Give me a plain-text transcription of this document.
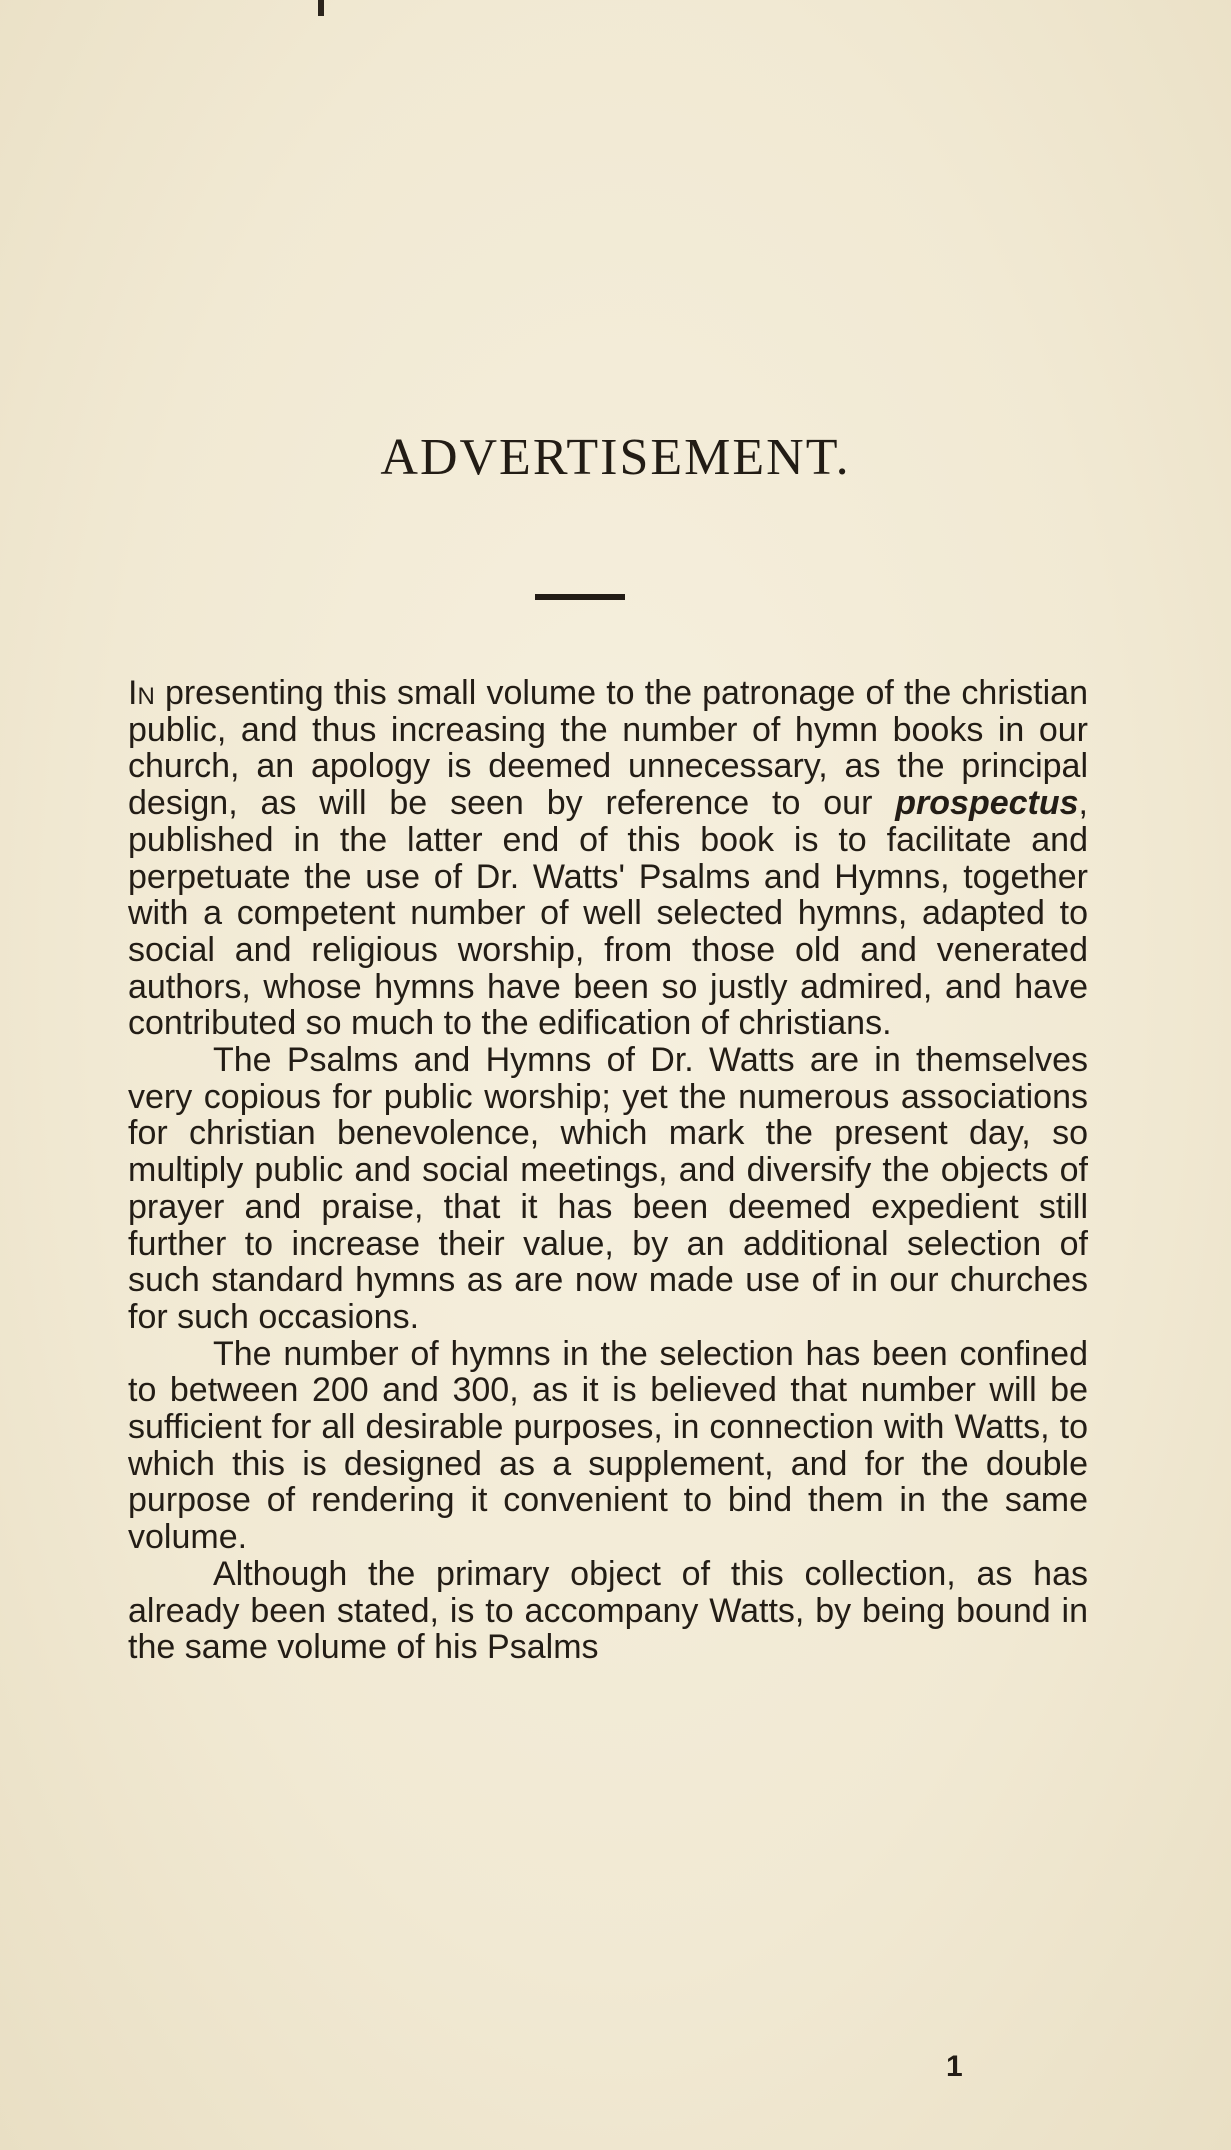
ADVERTISEMENT.

In presenting this small volume to the patronage of the christian public, and thus increasing the number of hymn books in our church, an apology is deemed unnecessary, as the principal design, as will be seen by reference to our prospectus, published in the latter end of this book is to facilitate and perpetuate the use of Dr. Watts' Psalms and Hymns, together with a competent number of well selected hymns, adapted to social and religious worship, from those old and venerated authors, whose hymns have been so justly admired, and have contributed so much to the edification of christians.

The Psalms and Hymns of Dr. Watts are in themselves very copious for public worship; yet the numerous associations for christian benevolence, which mark the present day, so multiply public and social meetings, and diversify the objects of prayer and praise, that it has been deemed expedient still further to increase their value, by an additional selection of such standard hymns as are now made use of in our churches for such occasions.

The number of hymns in the selection has been confined to between 200 and 300, as it is believed that number will be sufficient for all desirable purposes, in connection with Watts, to which this is designed as a supplement, and for the double purpose of rendering it convenient to bind them in the same volume.

Although the primary object of this collection, as has already been stated, is to accompany Watts, by being bound in the same volume of his Psalms

1
